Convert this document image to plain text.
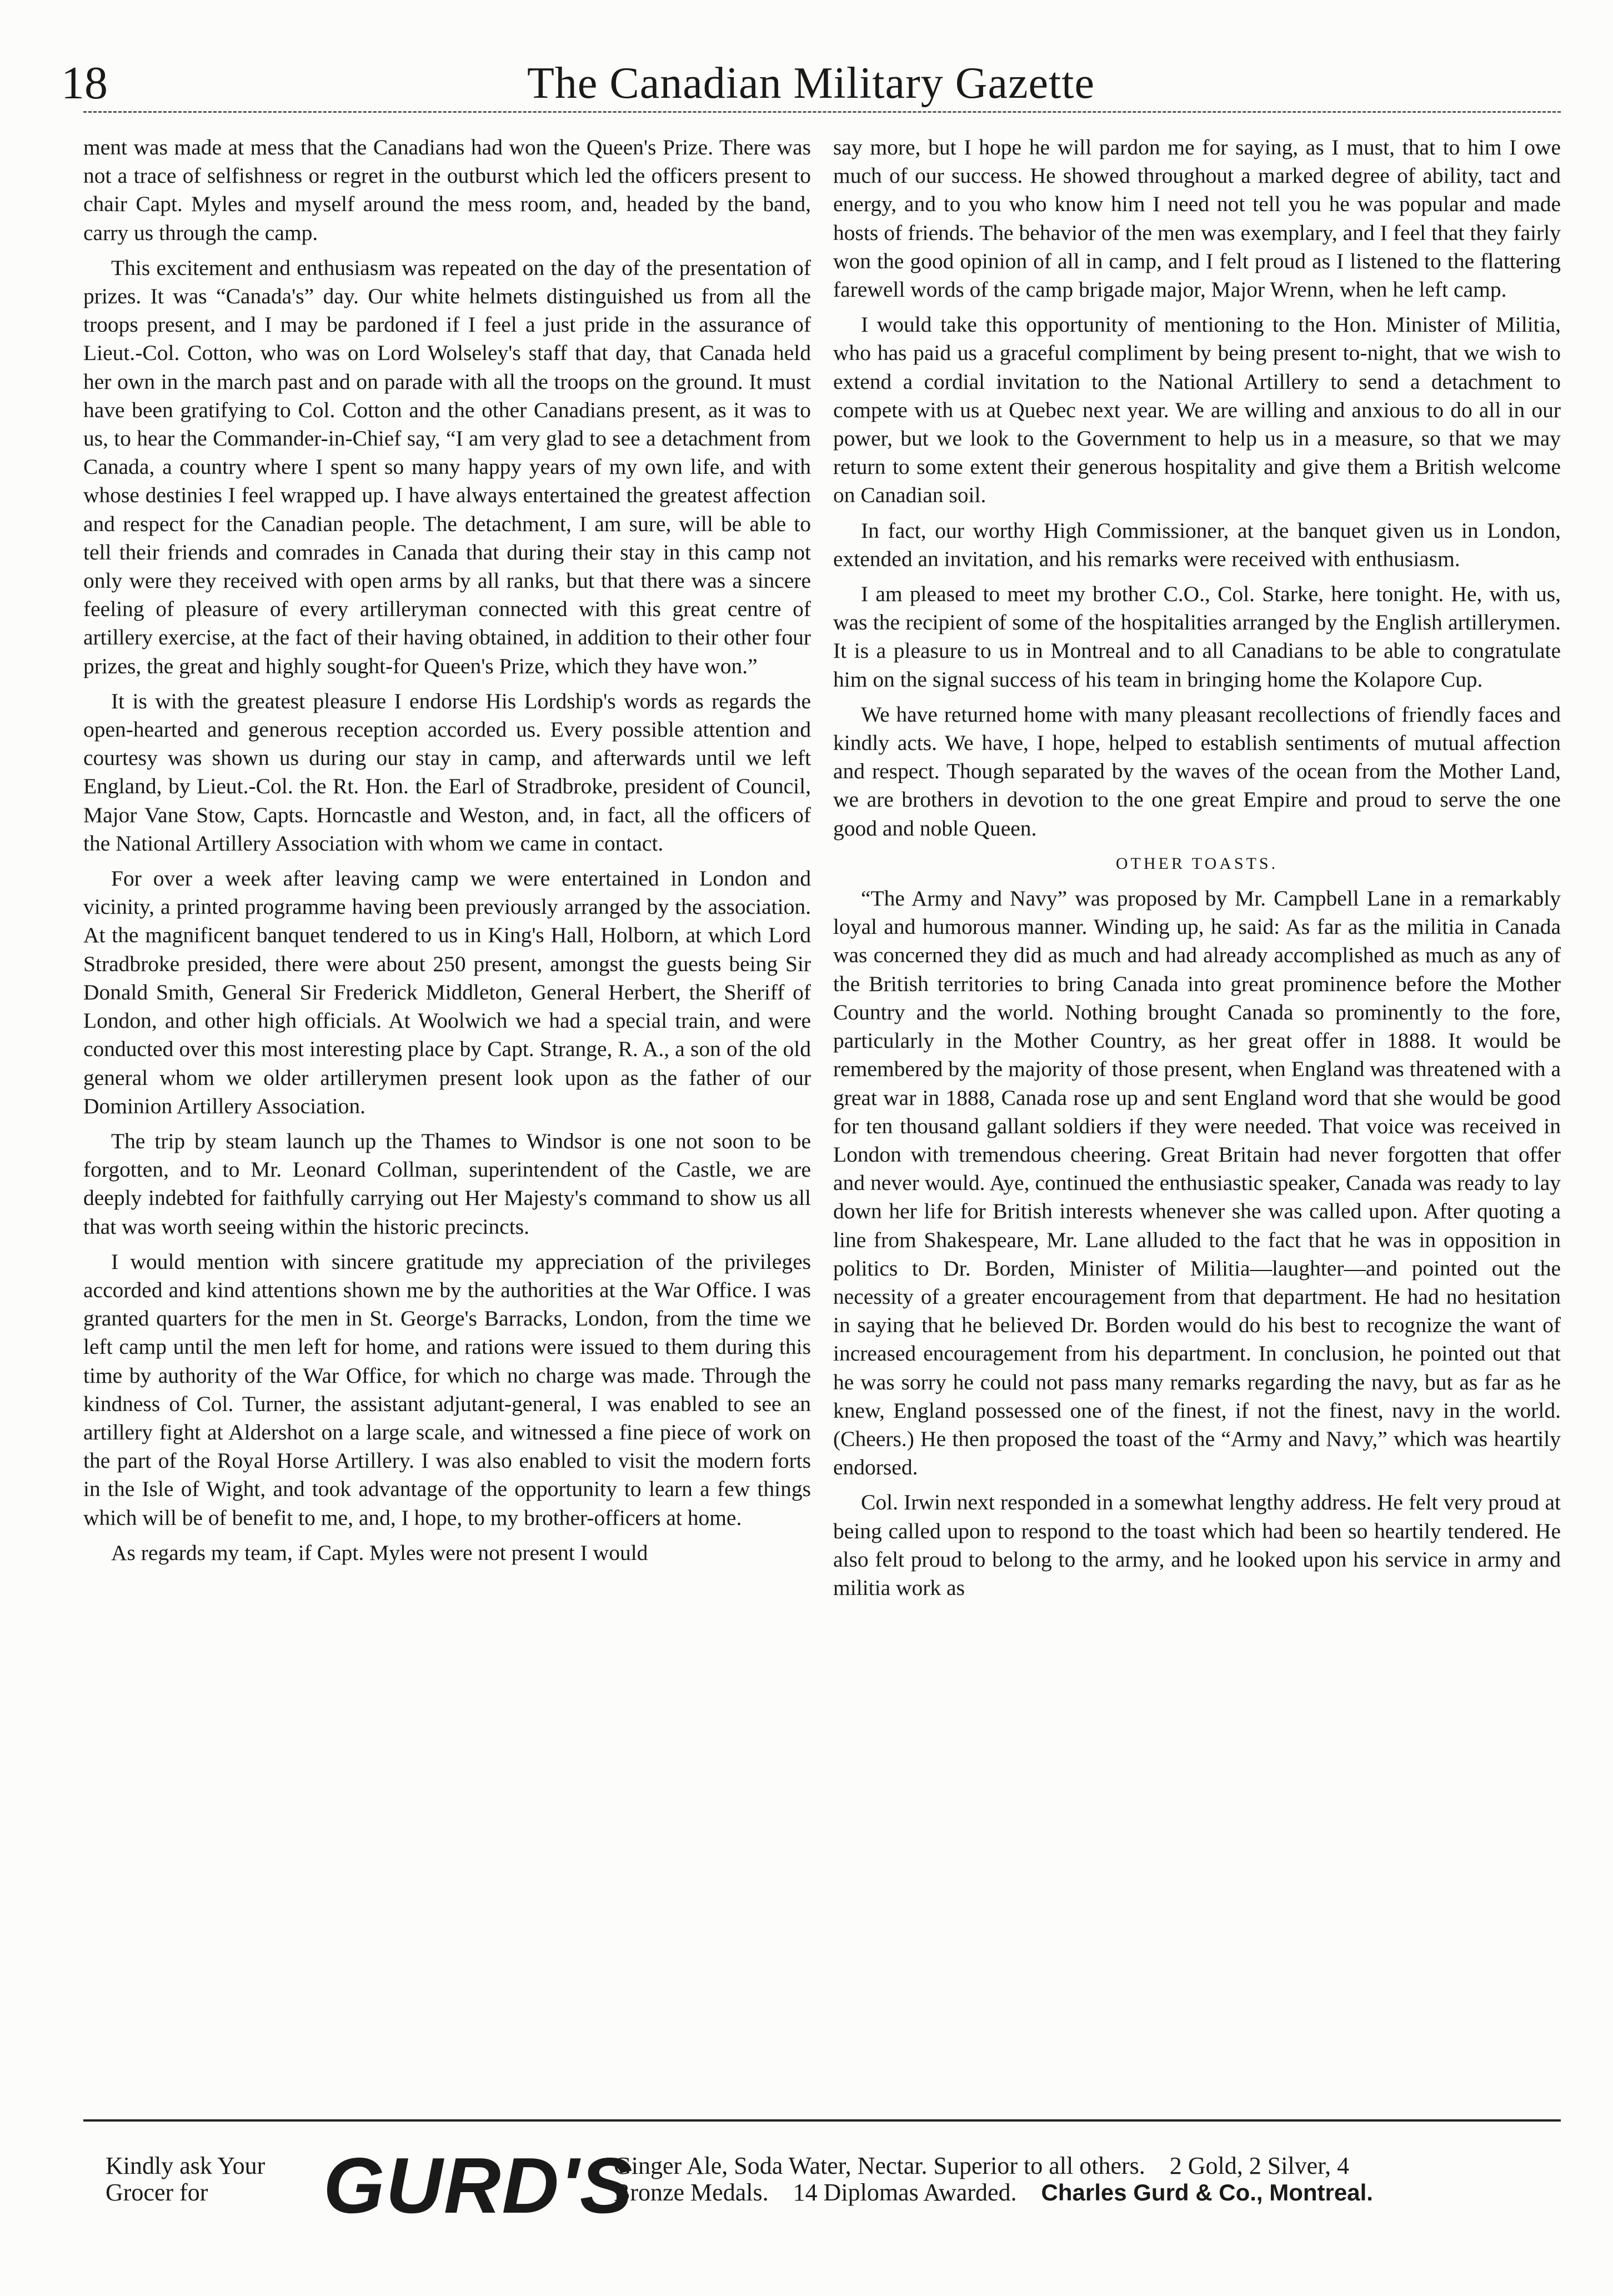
18	The Canadian Military Gazette

ment was made at mess that the Canadians had won the Queen's Prize. There was not a trace of selfishness or regret in the outburst which led the officers present to chair Capt. Myles and myself around the mess room, and, headed by the band, carry us through the camp.

This excitement and enthusiasm was repeated on the day of the presentation of prizes. It was “Canada's” day. Our white helmets distinguished us from all the troops present, and I may be pardoned if I feel a just pride in the assurance of Lieut.-Col. Cotton, who was on Lord Wolseley's staff that day, that Canada held her own in the march past and on parade with all the troops on the ground. It must have been gratifying to Col. Cotton and the other Canadians present, as it was to us, to hear the Commander-in-Chief say, “I am very glad to see a detachment from Canada, a country where I spent so many happy years of my own life, and with whose destinies I feel wrapped up. I have always entertained the greatest affection and respect for the Canadian people. The detachment, I am sure, will be able to tell their friends and comrades in Canada that during their stay in this camp not only were they received with open arms by all ranks, but that there was a sincere feeling of pleasure of every artilleryman connected with this great centre of artillery exercise, at the fact of their having obtained, in addition to their other four prizes, the great and highly sought-for Queen's Prize, which they have won.”

It is with the greatest pleasure I endorse His Lordship's words as regards the open-hearted and generous reception accorded us. Every possible attention and courtesy was shown us during our stay in camp, and afterwards until we left England, by Lieut.-Col. the Rt. Hon. the Earl of Stradbroke, president of Council, Major Vane Stow, Capts. Horncastle and Weston, and, in fact, all the officers of the National Artillery Association with whom we came in contact.

For over a week after leaving camp we were entertained in London and vicinity, a printed programme having been previously arranged by the association. At the magnificent banquet tendered to us in King's Hall, Holborn, at which Lord Stradbroke presided, there were about 250 present, amongst the guests being Sir Donald Smith, General Sir Frederick Middleton, General Herbert, the Sheriff of London, and other high officials. At Woolwich we had a special train, and were conducted over this most interesting place by Capt. Strange, R. A., a son of the old general whom we older artillerymen present look upon as the father of our Dominion Artillery Association.

The trip by steam launch up the Thames to Windsor is one not soon to be forgotten, and to Mr. Leonard Collman, superintendent of the Castle, we are deeply indebted for faithfully carrying out Her Majesty's command to show us all that was worth seeing within the historic precincts.

I would mention with sincere gratitude my appreciation of the privileges accorded and kind attentions shown me by the authorities at the War Office. I was granted quarters for the men in St. George's Barracks, London, from the time we left camp until the men left for home, and rations were issued to them during this time by authority of the War Office, for which no charge was made. Through the kindness of Col. Turner, the assistant adjutant-general, I was enabled to see an artillery fight at Aldershot on a large scale, and witnessed a fine piece of work on the part of the Royal Horse Artillery. I was also enabled to visit the modern forts in the Isle of Wight, and took advantage of the opportunity to learn a few things which will be of benefit to me, and, I hope, to my brother-officers at home.

As regards my team, if Capt. Myles were not present I would

say more, but I hope he will pardon me for saying, as I must, that to him I owe much of our success. He showed throughout a marked degree of ability, tact and energy, and to you who know him I need not tell you he was popular and made hosts of friends. The behavior of the men was exemplary, and I feel that they fairly won the good opinion of all in camp, and I felt proud as I listened to the flattering farewell words of the camp brigade major, Major Wrenn, when he left camp.

I would take this opportunity of mentioning to the Hon. Minister of Militia, who has paid us a graceful compliment by being present to-night, that we wish to extend a cordial invitation to the National Artillery to send a detachment to compete with us at Quebec next year. We are willing and anxious to do all in our power, but we look to the Government to help us in a measure, so that we may return to some extent their generous hospitality and give them a British welcome on Canadian soil.

In fact, our worthy High Commissioner, at the banquet given us in London, extended an invitation, and his remarks were received with enthusiasm.

I am pleased to meet my brother C.O., Col. Starke, here tonight. He, with us, was the recipient of some of the hospitalities arranged by the English artillerymen. It is a pleasure to us in Montreal and to all Canadians to be able to congratulate him on the signal success of his team in bringing home the Kolapore Cup.

We have returned home with many pleasant recollections of friendly faces and kindly acts. We have, I hope, helped to establish sentiments of mutual affection and respect. Though separated by the waves of the ocean from the Mother Land, we are brothers in devotion to the one great Empire and proud to serve the one good and noble Queen.

OTHER TOASTS.

“The Army and Navy” was proposed by Mr. Campbell Lane in a remarkably loyal and humorous manner. Winding up, he said: As far as the militia in Canada was concerned they did as much and had already accomplished as much as any of the British territories to bring Canada into great prominence before the Mother Country and the world. Nothing brought Canada so prominently to the fore, particularly in the Mother Country, as her great offer in 1888. It would be remembered by the majority of those present, when England was threatened with a great war in 1888, Canada rose up and sent England word that she would be good for ten thousand gallant soldiers if they were needed. That voice was received in London with tremendous cheering. Great Britain had never forgotten that offer and never would. Aye, continued the enthusiastic speaker, Canada was ready to lay down her life for British interests whenever she was called upon. After quoting a line from Shakespeare, Mr. Lane alluded to the fact that he was in opposition in politics to Dr. Borden, Minister of Militia—laughter—and pointed out the necessity of a greater encouragement from that department. He had no hesitation in saying that he believed Dr. Borden would do his best to recognize the want of increased encouragement from his department. In conclusion, he pointed out that he was sorry he could not pass many remarks regarding the navy, but as far as he knew, England possessed one of the finest, if not the finest, navy in the world. (Cheers.) He then proposed the toast of the “Army and Navy,” which was heartily endorsed.

Col. Irwin next responded in a somewhat lengthy address. He felt very proud at being called upon to respond to the toast which had been so heartily tendered. He also felt proud to belong to the army, and he looked upon his service in army and militia work as

Kindly ask Your
Grocer for	GURD'S
Ginger Ale, Soda Water, Nectar. Superior to all others. 2 Gold, 2 Silver, 4
Bronze Medals. 14 Diplomas Awarded. Charles Gurd & Co., Montreal.
